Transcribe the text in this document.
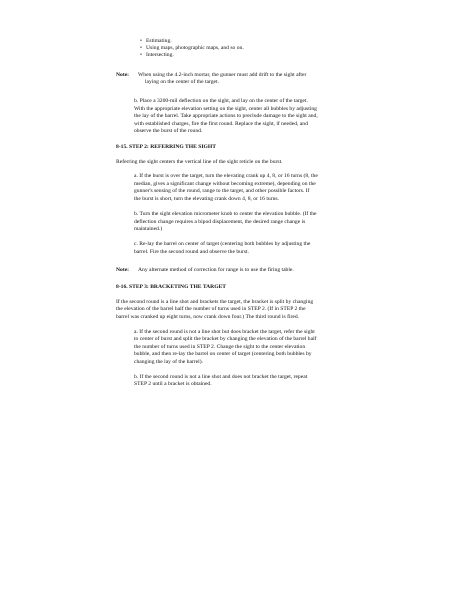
• Estimating.
• Using maps, photographic maps, and so on.
• Intersecting.
Note: When using the 4.2-inch mortar, the gunner must add drift to the sight after
laying on the center of the target.
b. Place a 3200-mil deflection on the sight, and lay on the center of the target.
With the appropriate elevation setting on the sight, center all bubbles by adjusting
the lay of the barrel. Take appropriate actions to preclude damage to the sight and,
with established charges, fire the first round. Replace the sight, if needed, and
observe the burst of the round.
8-15. STEP 2: REFERRING THE SIGHT
Referring the sight centers the vertical line of the sight reticle on the burst.
a. If the burst is over the target, turn the elevating crank up 4, 8, or 16 turns (8, the
median, gives a significant change without becoming extreme), depending on the
gunner's sensing of the round, range to the target, and other possible factors. If
the burst is short, turn the elevating crank down 4, 8, or 16 turns.
b. Turn the sight elevation micrometer knob to center the elevation bubble. (If the
deflection change requires a bipod displacement, the desired range change is
maintained.)
c. Re-lay the barrel on center of target (centering both bubbles by adjusting the
barrel. Fire the second round and observe the burst.
Note: Any alternate method of correction for range is to use the firing table.
8-16. STEP 3: BRACKETING THE TARGET
If the second round is a line shot and brackets the target, the bracket is split by changing
the elevation of the barrel half the number of turns used in STEP 2. (If in STEP 2 the
barrel was cranked up eight turns, now crank down four.) The third round is fired.
a. If the second round is not a line shot but does bracket the target, refer the sight
to center of burst and split the bracket by changing the elevation of the barrel half
the number of turns used in STEP 2. Change the sight to the center elevation
bubble, and then re-lay the barrel on center of target (centering both bubbles by
changing the lay of the barrel).
b. If the second round is not a line shot and does not bracket the target, repeat
STEP 2 until a bracket is obtained.
